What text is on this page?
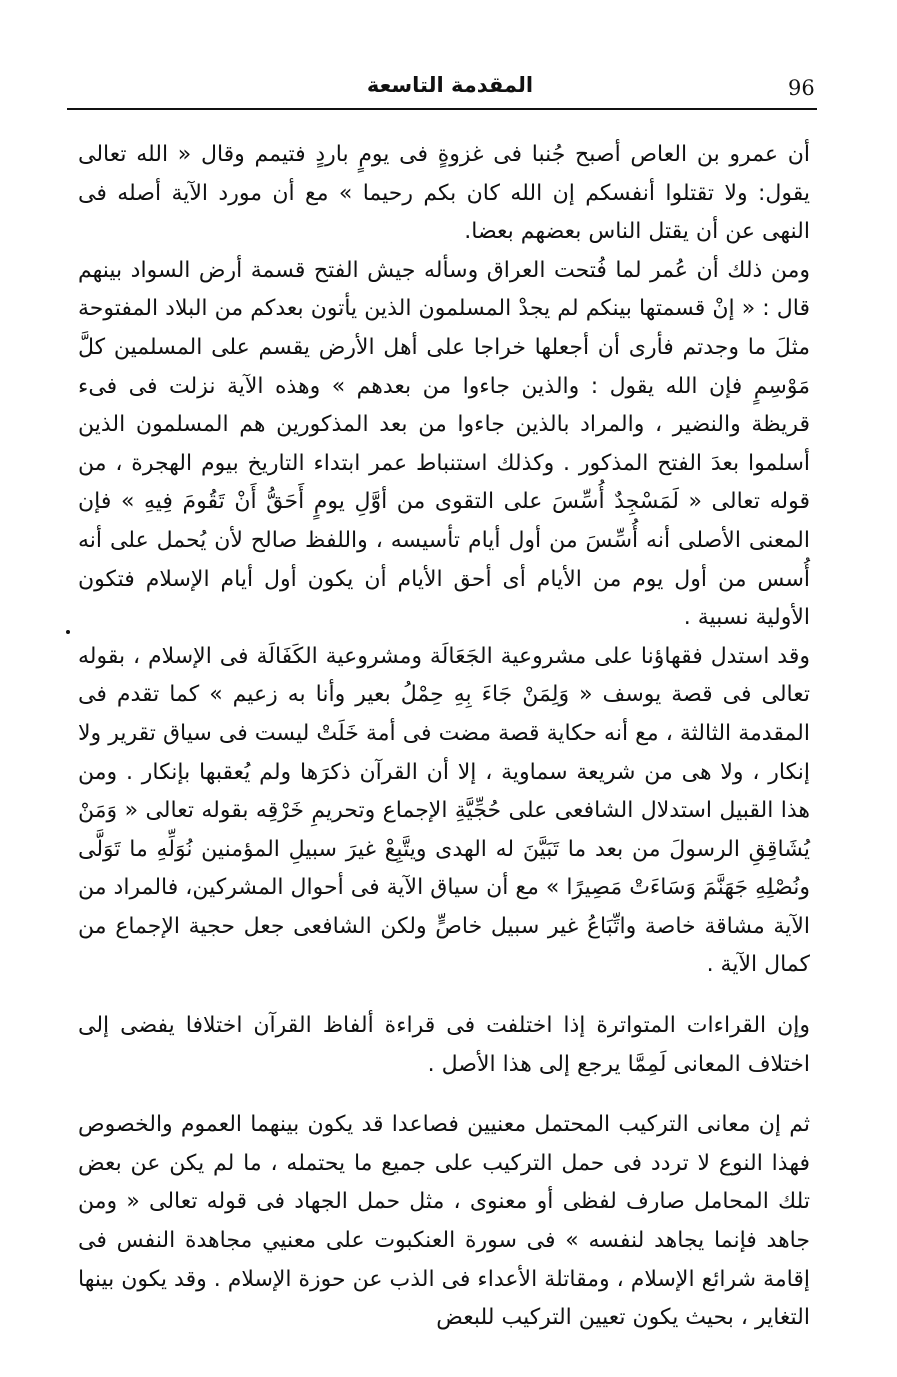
96
المقدمة التاسعة

أن عمرو بن العاص أصبح جُنبا فى غزوةٍ فى يومٍ باردٍ فتيمم وقال « الله تعالى يقول: ولا تقتلوا أنفسكم إن الله كان بكم رحيما » مع أن مورد الآية أصله فى النهى عن أن يقتل الناس بعضهم بعضا.

ومن ذلك أن عُمر لما فُتحت العراق وسأله جيش الفتح قسمة أرض السواد بينهم قال : « إنْ قسمتها بينكم لم يجدْ المسلمون الذين يأتون بعدكم من البلاد المفتوحة مثلَ ما وجدتم فأرى أن أجعلها خراجا على أهل الأرض يقسم على المسلمين كلَّ مَوْسِمٍ فإن الله يقول : والذين جاءوا من بعدهم » وهذه الآية نزلت فى فىء قريظة والنضير ، والمراد بالذين جاءوا من بعد المذكورين هم المسلمون الذين أسلموا بعدَ الفتح المذكور . وكذلك استنباط عمر ابتداء التاريخ بيوم الهجرة ، من قوله تعالى « لَمَسْجِدٌ أُسِّسَ على التقوى من أوَّلِ يومٍ أَحَقُّ أَنْ تَقُومَ فِيهِ » فإن المعنى الأصلى أنه أُسِّسَ من أول أيام تأسيسه ، واللفظ صالح لأن يُحمل على أنه أُسس من أول يوم من الأيام أى أحق الأيام أن يكون أول أيام الإسلام فتكون الأولية نسبية .

وقد استدل فقهاؤنا على مشروعية الجَعَالَة ومشروعية الكَفَالَة فى الإسلام ، بقوله تعالى فى قصة يوسف « وَلِمَنْ جَاءَ بِهِ حِمْلُ بعير وأنا به زعيم » كما تقدم فى المقدمة الثالثة ، مع أنه حكاية قصة مضت فى أمة خَلَتْ ليست فى سياق تقرير ولا إنكار ، ولا هى من شريعة سماوية ، إلا أن القرآن ذكرَها ولم يُعقبها بإنكار . ومن هذا القبيل استدلال الشافعى على حُجِّيَّةِ الإجماع وتحريمِ خَرْقِه بقوله تعالى « وَمَنْ يُشَاقِقِ الرسولَ من بعد ما تَبَيَّنَ له الهدى ويتَّبِعْ غيرَ سبيلِ المؤمنين نُوَلِّهِ ما تَوَلَّى ونُصْلِهِ جَهَنَّمَ وَسَاءَتْ مَصِيرًا » مع أن سياق الآية فى أحوال المشركين، فالمراد من الآية مشاقة خاصة واتِّبَاعُ غير سبيل خاصٍّ ولكن الشافعى جعل حجية الإجماع من كمال الآية .

وإن القراءات المتواترة إذا اختلفت فى قراءة ألفاظ القرآن اختلافا يفضى إلى اختلاف المعانى لَمِمَّا يرجع إلى هذا الأصل .

ثم إن معانى التركيب المحتمل معنيين فصاعدا قد يكون بينهما العموم والخصوص فهذا النوع لا تردد فى حمل التركيب على جميع ما يحتمله ، ما لم يكن عن بعض تلك المحامل صارف لفظى أو معنوى ، مثل حمل الجهاد فى قوله تعالى « ومن جاهد فإنما يجاهد لنفسه » فى سورة العنكبوت على معنيي مجاهدة النفس فى إقامة شرائع الإسلام ، ومقاتلة الأعداء فى الذب عن حوزة الإسلام . وقد يكون بينها التغاير ، بحيث يكون تعيين التركيب للبعض
